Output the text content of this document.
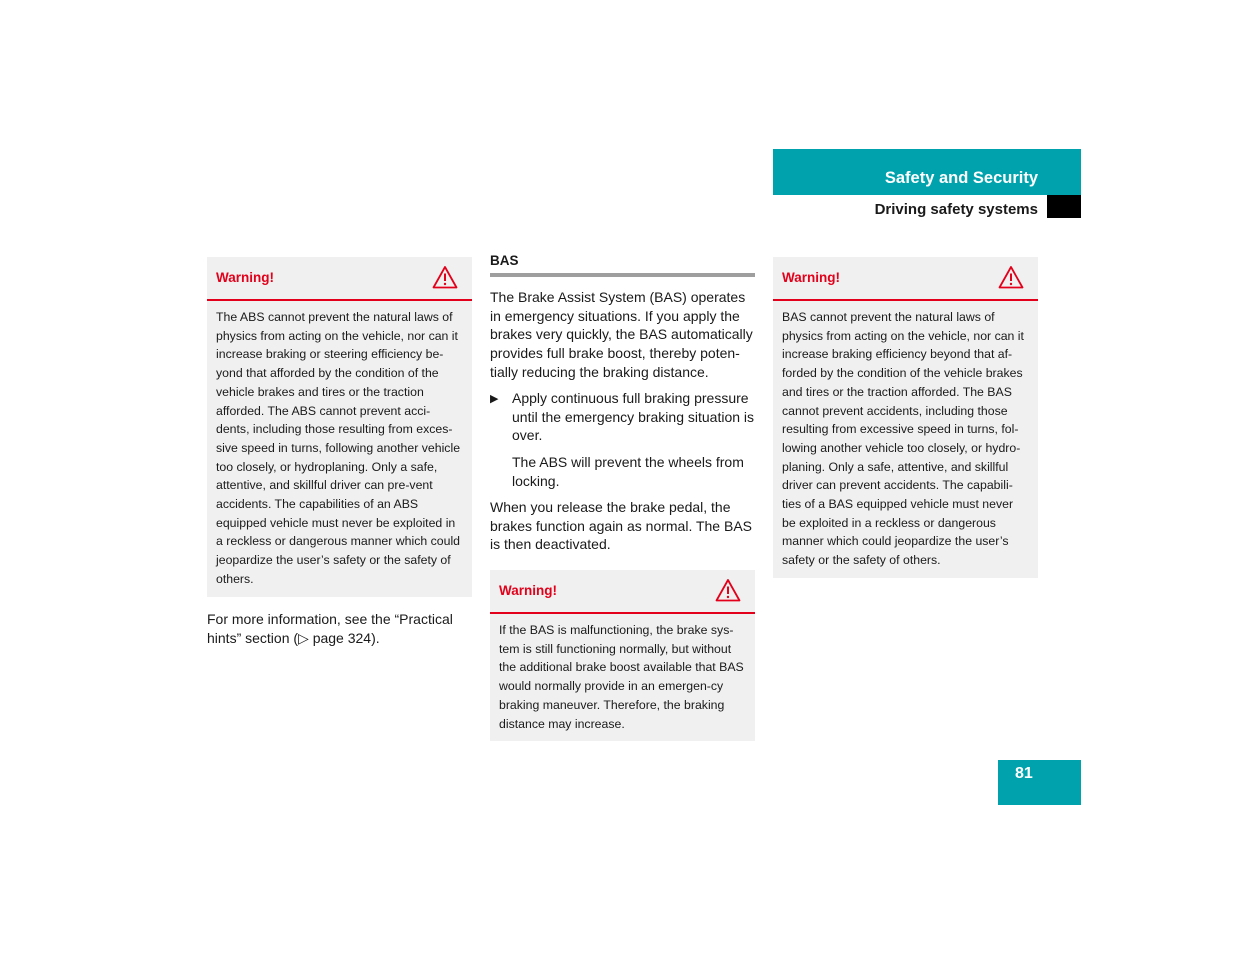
Safety and Security
Driving safety systems
Warning!
The ABS cannot prevent the natural laws of physics from acting on the vehicle, nor can it increase braking or steering efficiency be-yond that afforded by the condition of the vehicle brakes and tires or the traction afforded. The ABS cannot prevent acci-dents, including those resulting from exces-sive speed in turns, following another vehicle too closely, or hydroplaning. Only a safe, attentive, and skillful driver can pre-vent accidents. The capabilities of an ABS equipped vehicle must never be exploited in a reckless or dangerous manner which could jeopardize the user’s safety or the safety of others.
For more information, see the “Practical hints” section (▷ page 324).
BAS
The Brake Assist System (BAS) operates in emergency situations. If you apply the brakes very quickly, the BAS automatically provides full brake boost, thereby poten-tially reducing the braking distance.
▶ Apply continuous full braking pressure until the emergency braking situation is over.
The ABS will prevent the wheels from locking.
When you release the brake pedal, the brakes function again as normal. The BAS is then deactivated.
Warning!
If the BAS is malfunctioning, the brake sys-tem is still functioning normally, but without the additional brake boost available that BAS would normally provide in an emergen-cy braking maneuver. Therefore, the braking distance may increase.
Warning!
BAS cannot prevent the natural laws of physics from acting on the vehicle, nor can it increase braking efficiency beyond that af-forded by the condition of the vehicle brakes and tires or the traction afforded. The BAS cannot prevent accidents, including those resulting from excessive speed in turns, fol-lowing another vehicle too closely, or hydro-planing. Only a safe, attentive, and skillful driver can prevent accidents. The capabili-ties of a BAS equipped vehicle must never be exploited in a reckless or dangerous manner which could jeopardize the user’s safety or the safety of others.
81
